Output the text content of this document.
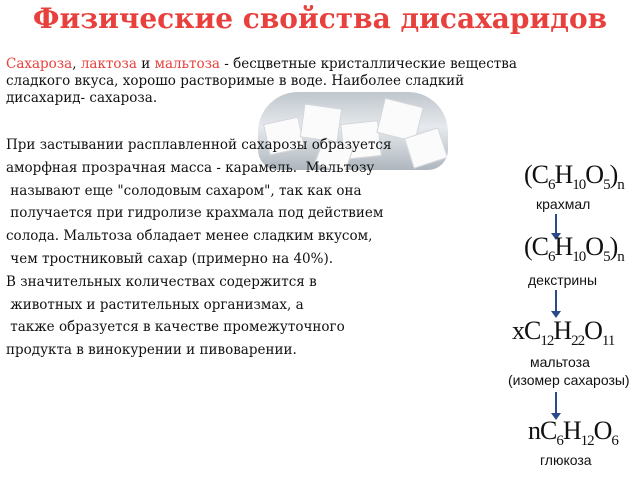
Физические свойства дисахаридов
Сахароза, лактоза и мальтоза - бесцветные кристаллические вещества
сладкого вкуса, хорошо растворимые в воде. Наиболее сладкий
дисахарид- сахароза.
При застывании расплавленной сахарозы образуется
аморфная прозрачная масса - карамель.  Мальтозу
называют еще "солодовым сахаром", так как она
получается при гидролизе крахмала под действием
солода. Мальтоза обладает менее сладким вкусом,
чем тростниковый сахар (примерно на 40%).
В значительных количествах содержится в
животных и растительных организмах, а
также образуется в качестве промежуточного
продукта в винокурении и пивоварении.
$(C_6H_{10}O_5)_n$
крахмал
$(C_6H_{10}O_5)_n$
декстрины
$xC_{12}H_{22}O_{11}$
мальтоза
(изомер сахарозы)
$nC_6H_{12}O_6$
глюкоза
